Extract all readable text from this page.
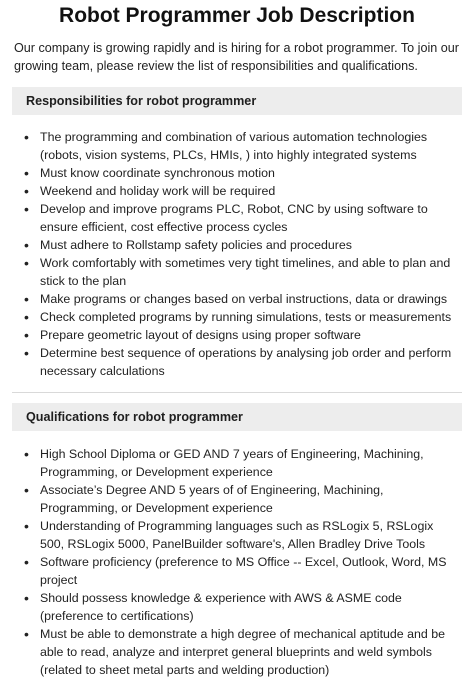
Robot Programmer Job Description

Our company is growing rapidly and is hiring for a robot programmer. To join our growing team, please review the list of responsibilities and qualifications.

Responsibilities for robot programmer
• The programming and combination of various automation technologies (robots, vision systems, PLCs, HMIs, ) into highly integrated systems
• Must know coordinate synchronous motion
• Weekend and holiday work will be required
• Develop and improve programs PLC, Robot, CNC by using software to ensure efficient, cost effective process cycles
• Must adhere to Rollstamp safety policies and procedures
• Work comfortably with sometimes very tight timelines, and able to plan and stick to the plan
• Make programs or changes based on verbal instructions, data or drawings
• Check completed programs by running simulations, tests or measurements
• Prepare geometric layout of designs using proper software
• Determine best sequence of operations by analysing job order and perform necessary calculations
Qualifications for robot programmer
• High School Diploma or GED AND 7 years of Engineering, Machining, Programming, or Development experience
• Associate’s Degree AND 5 years of of Engineering, Machining, Programming, or Development experience
• Understanding of Programming languages such as RSLogix 5, RSLogix 500, RSLogix 5000, PanelBuilder software's, Allen Bradley Drive Tools
• Software proficiency (preference to MS Office -- Excel, Outlook, Word, MS project
• Should possess knowledge & experience with AWS & ASME code (preference to certifications)
• Must be able to demonstrate a high degree of mechanical aptitude and be able to read, analyze and interpret general blueprints and weld symbols (related to sheet metal parts and welding production)
